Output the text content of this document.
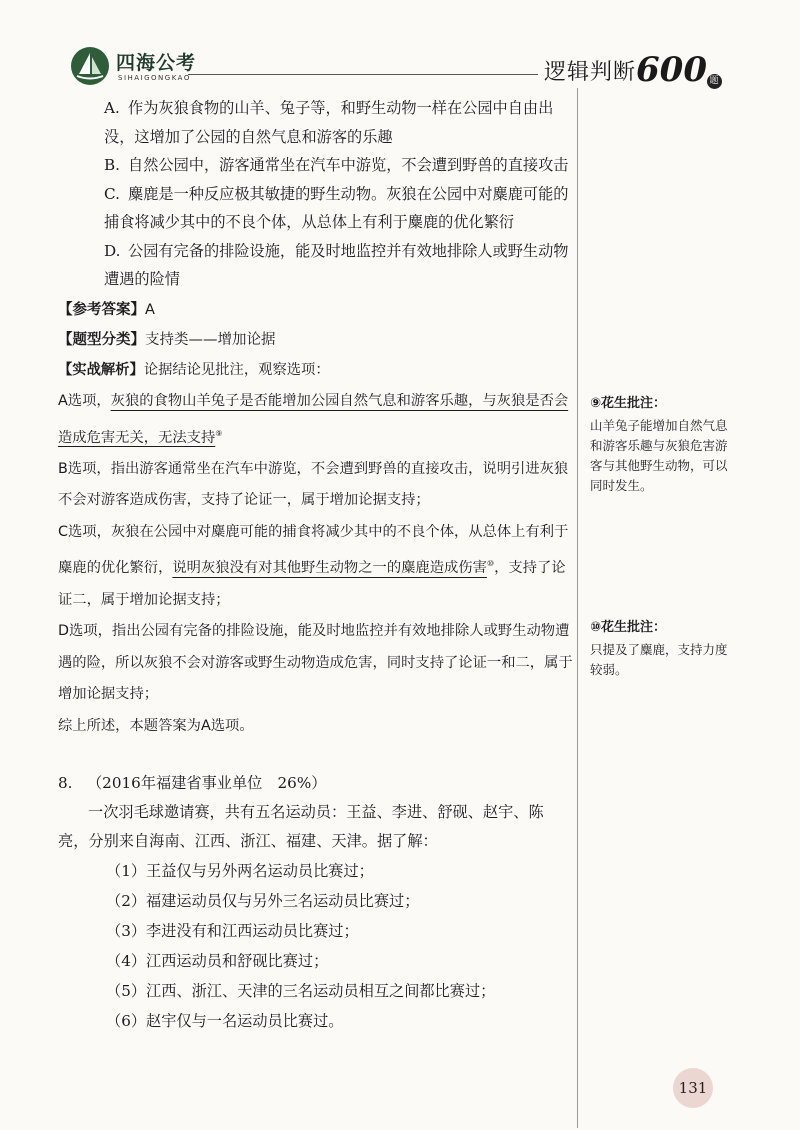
四海公考
SIHAIGONGKAO	逻辑判断600 题
A. 作为灰狼食物的山羊、兔子等，和野生动物一样在公园中自由出没，这增加了公园的自然气息和游客的乐趣
B. 自然公园中，游客通常坐在汽车中游览，不会遭到野兽的直接攻击
C. 麋鹿是一种反应极其敏捷的野生动物。灰狼在公园中对麋鹿可能的捕食将减少其中的不良个体，从总体上有利于麋鹿的优化繁衍
D. 公园有完备的排险设施，能及时地监控并有效地排除人或野生动物遭遇的险情
【参考答案】A
【题型分类】支持类——增加论据
【实战解析】论据结论见批注，观察选项：
A选项，灰狼的食物山羊兔子是否能增加公园自然气息和游客乐趣，与灰狼是否会造成危害无关，无法支持⑨
B选项，指出游客通常坐在汽车中游览，不会遭到野兽的直接攻击，说明引进灰狼不会对游客造成伤害，支持了论证一，属于增加论据支持；
C选项，灰狼在公园中对麋鹿可能的捕食将减少其中的不良个体，从总体上有利于麋鹿的优化繁衍，说明灰狼没有对其他野生动物之一的麋鹿造成伤害⑩，支持了论证二，属于增加论据支持；
D选项，指出公园有完备的排险设施，能及时地监控并有效地排除人或野生动物遭遇的险，所以灰狼不会对游客或野生动物造成危害，同时支持了论证一和二，属于增加论据支持；
综上所述，本题答案为A选项。
8. （2016年福建省事业单位　26%）
一次羽毛球邀请赛，共有五名运动员：王益、李进、舒砚、赵宇、陈亮，分别来自海南、江西、浙江、福建、天津。据了解：
（1）王益仅与另外两名运动员比赛过；
（2）福建运动员仅与另外三名运动员比赛过；
（3）李进没有和江西运动员比赛过；
（4）江西运动员和舒砚比赛过；
（5）江西、浙江、天津的三名运动员相互之间都比赛过；
（6）赵宇仅与一名运动员比赛过。
⑨花生批注：
山羊兔子能增加自然气息和游客乐趣与灰狼危害游客与其他野生动物，可以同时发生。
⑩花生批注：
只提及了麋鹿，支持力度较弱。
131
